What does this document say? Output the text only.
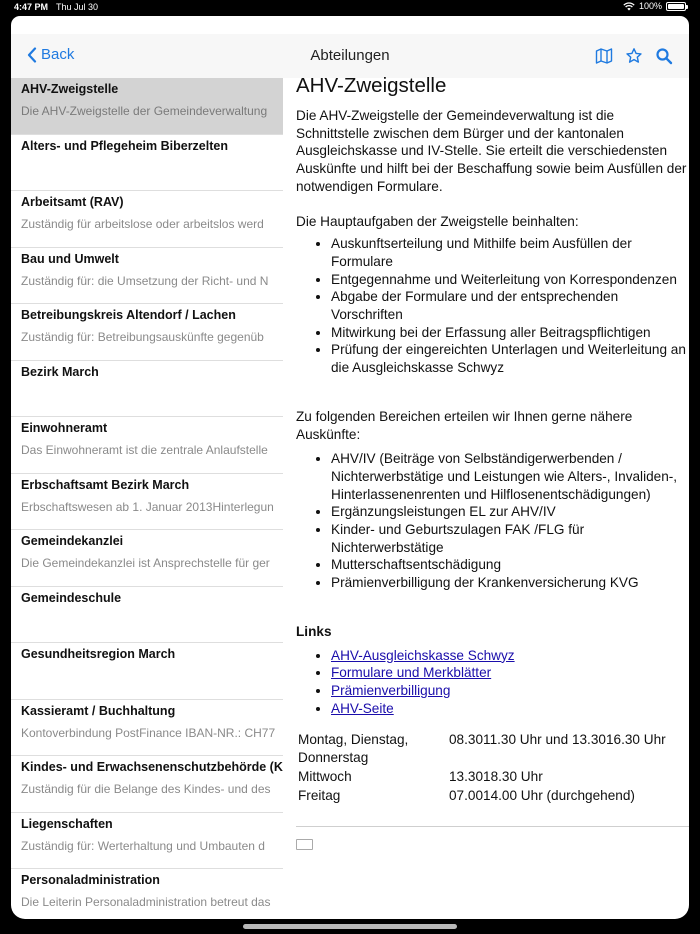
4:47 PM Thu Jul 30	100%
Back	Abteilungen
AHV-Zweigstelle
Die AHV-Zweigstelle der Gemeindeverwaltung
Alters- und Pflegeheim Biberzelten
Arbeitsamt (RAV)
Zuständig für arbeitslose oder arbeitslos werd
Bau und Umwelt
Zuständig für: die Umsetzung der Richt- und N
Betreibungskreis Altendorf / Lachen
Zuständig für: Betreibungsauskünfte gegenüb
Bezirk March
Einwohneramt
Das Einwohneramt ist die zentrale Anlaufstelle
Erbschaftsamt Bezirk March
Erbschaftswesen ab 1. Januar 2013Hinterlegun
Gemeindekanzlei
Die Gemeindekanzlei ist Ansprechstelle für ger
Gemeindeschule
Gesundheitsregion March
Kassieramt / Buchhaltung
Kontoverbindung PostFinance IBAN-NR.: CH77
Kindes- und Erwachsenenschutzbehörde (K
Zuständig für die Belange des Kindes- und des
Liegenschaften
Zuständig für: Werterhaltung und Umbauten d
Personaladministration
Die Leiterin Personaladministration betreut das
AHV-Zweigstelle

Die AHV-Zweigstelle der Gemeindeverwaltung ist die Schnittstelle zwischen dem Bürger und der kantonalen Ausgleichskasse und IV-Stelle. Sie erteilt die verschiedensten Auskünfte und hilft bei der Beschaffung sowie beim Ausfüllen der notwendigen Formulare.

Die Hauptaufgaben der Zweigstelle beinhalten:

• Auskunftserteilung und Mithilfe beim Ausfüllen der Formulare
• Entgegennahme und Weiterleitung von Korrespondenzen
• Abgabe der Formulare und der entsprechenden Vorschriften
• Mitwirkung bei der Erfassung aller Beitragspflichtigen
• Prüfung der eingereichten Unterlagen und Weiterleitung an die Ausgleichskasse Schwyz

Zu folgenden Bereichen erteilen wir Ihnen gerne nähere Auskünfte:

• AHV/IV (Beiträge von Selbständigerwerbenden / Nichterwerbstätige und Leistungen wie Alters-, Invaliden-, Hinterlassenenrenten und Hilflosenentschädigungen)
• Ergänzungsleistungen EL zur AHV/IV
• Kinder- und Geburtszulagen FAK /FLG für Nichterwerbstätige
• Mutterschaftsentschädigung
• Prämienverbilligung der Krankenversicherung KVG
Links
• AHV-Ausgleichskasse Schwyz
• Formulare und Merkblätter
• Prämienverbilligung
• AHV-Seite
Montag, Dienstag, Donnerstag
08.3011.30 Uhr und 13.3016.30 Uhr
Mittwoch	13.3018.30 Uhr
Freitag	07.0014.00 Uhr (durchgehend)
